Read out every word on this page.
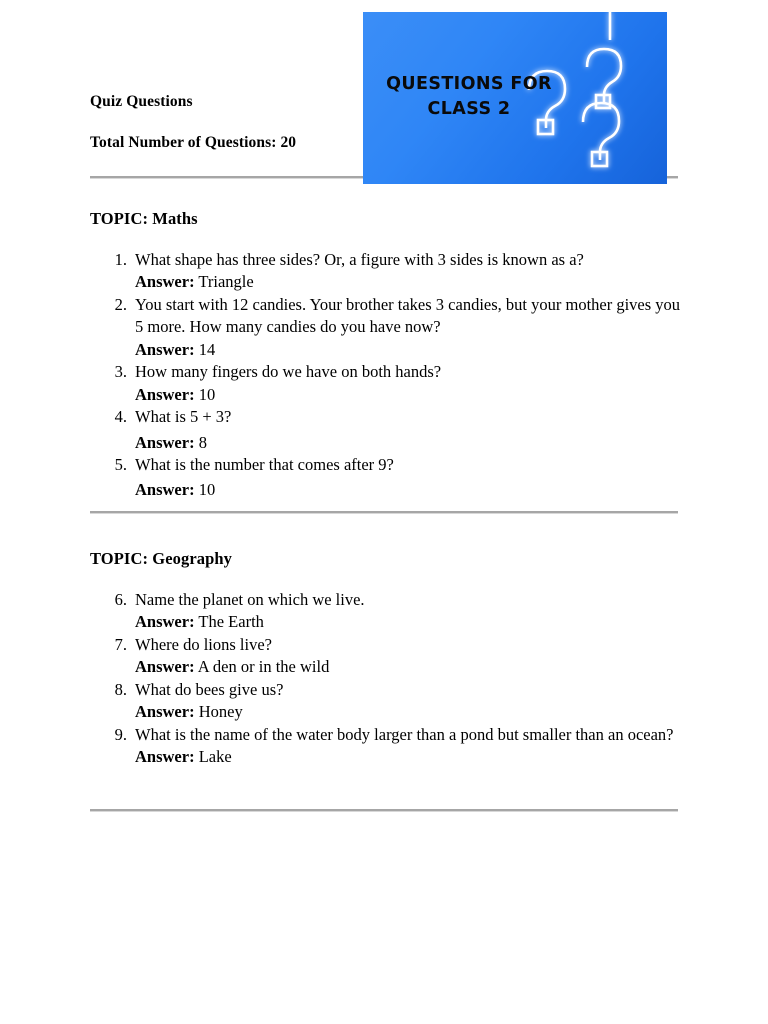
Quiz Questions
Total Number of Questions: 20
QUESTIONS FOR
CLASS 2
TOPIC: Maths
1. What shape has three sides? Or, a figure with 3 sides is known as a?
Answer: Triangle
2. You start with 12 candies. Your brother takes 3 candies, but your mother gives you 5 more. How many candies do you have now?
Answer: 14
3. How many fingers do we have on both hands?
Answer: 10
4. What is 5 + 3?
Answer: 8
5. What is the number that comes after 9?
Answer: 10
TOPIC: Geography
6. Name the planet on which we live.
Answer: The Earth
7. Where do lions live?
Answer: A den or in the wild
8. What do bees give us?
Answer: Honey
9. What is the name of the water body larger than a pond but smaller than an ocean?
Answer: Lake
